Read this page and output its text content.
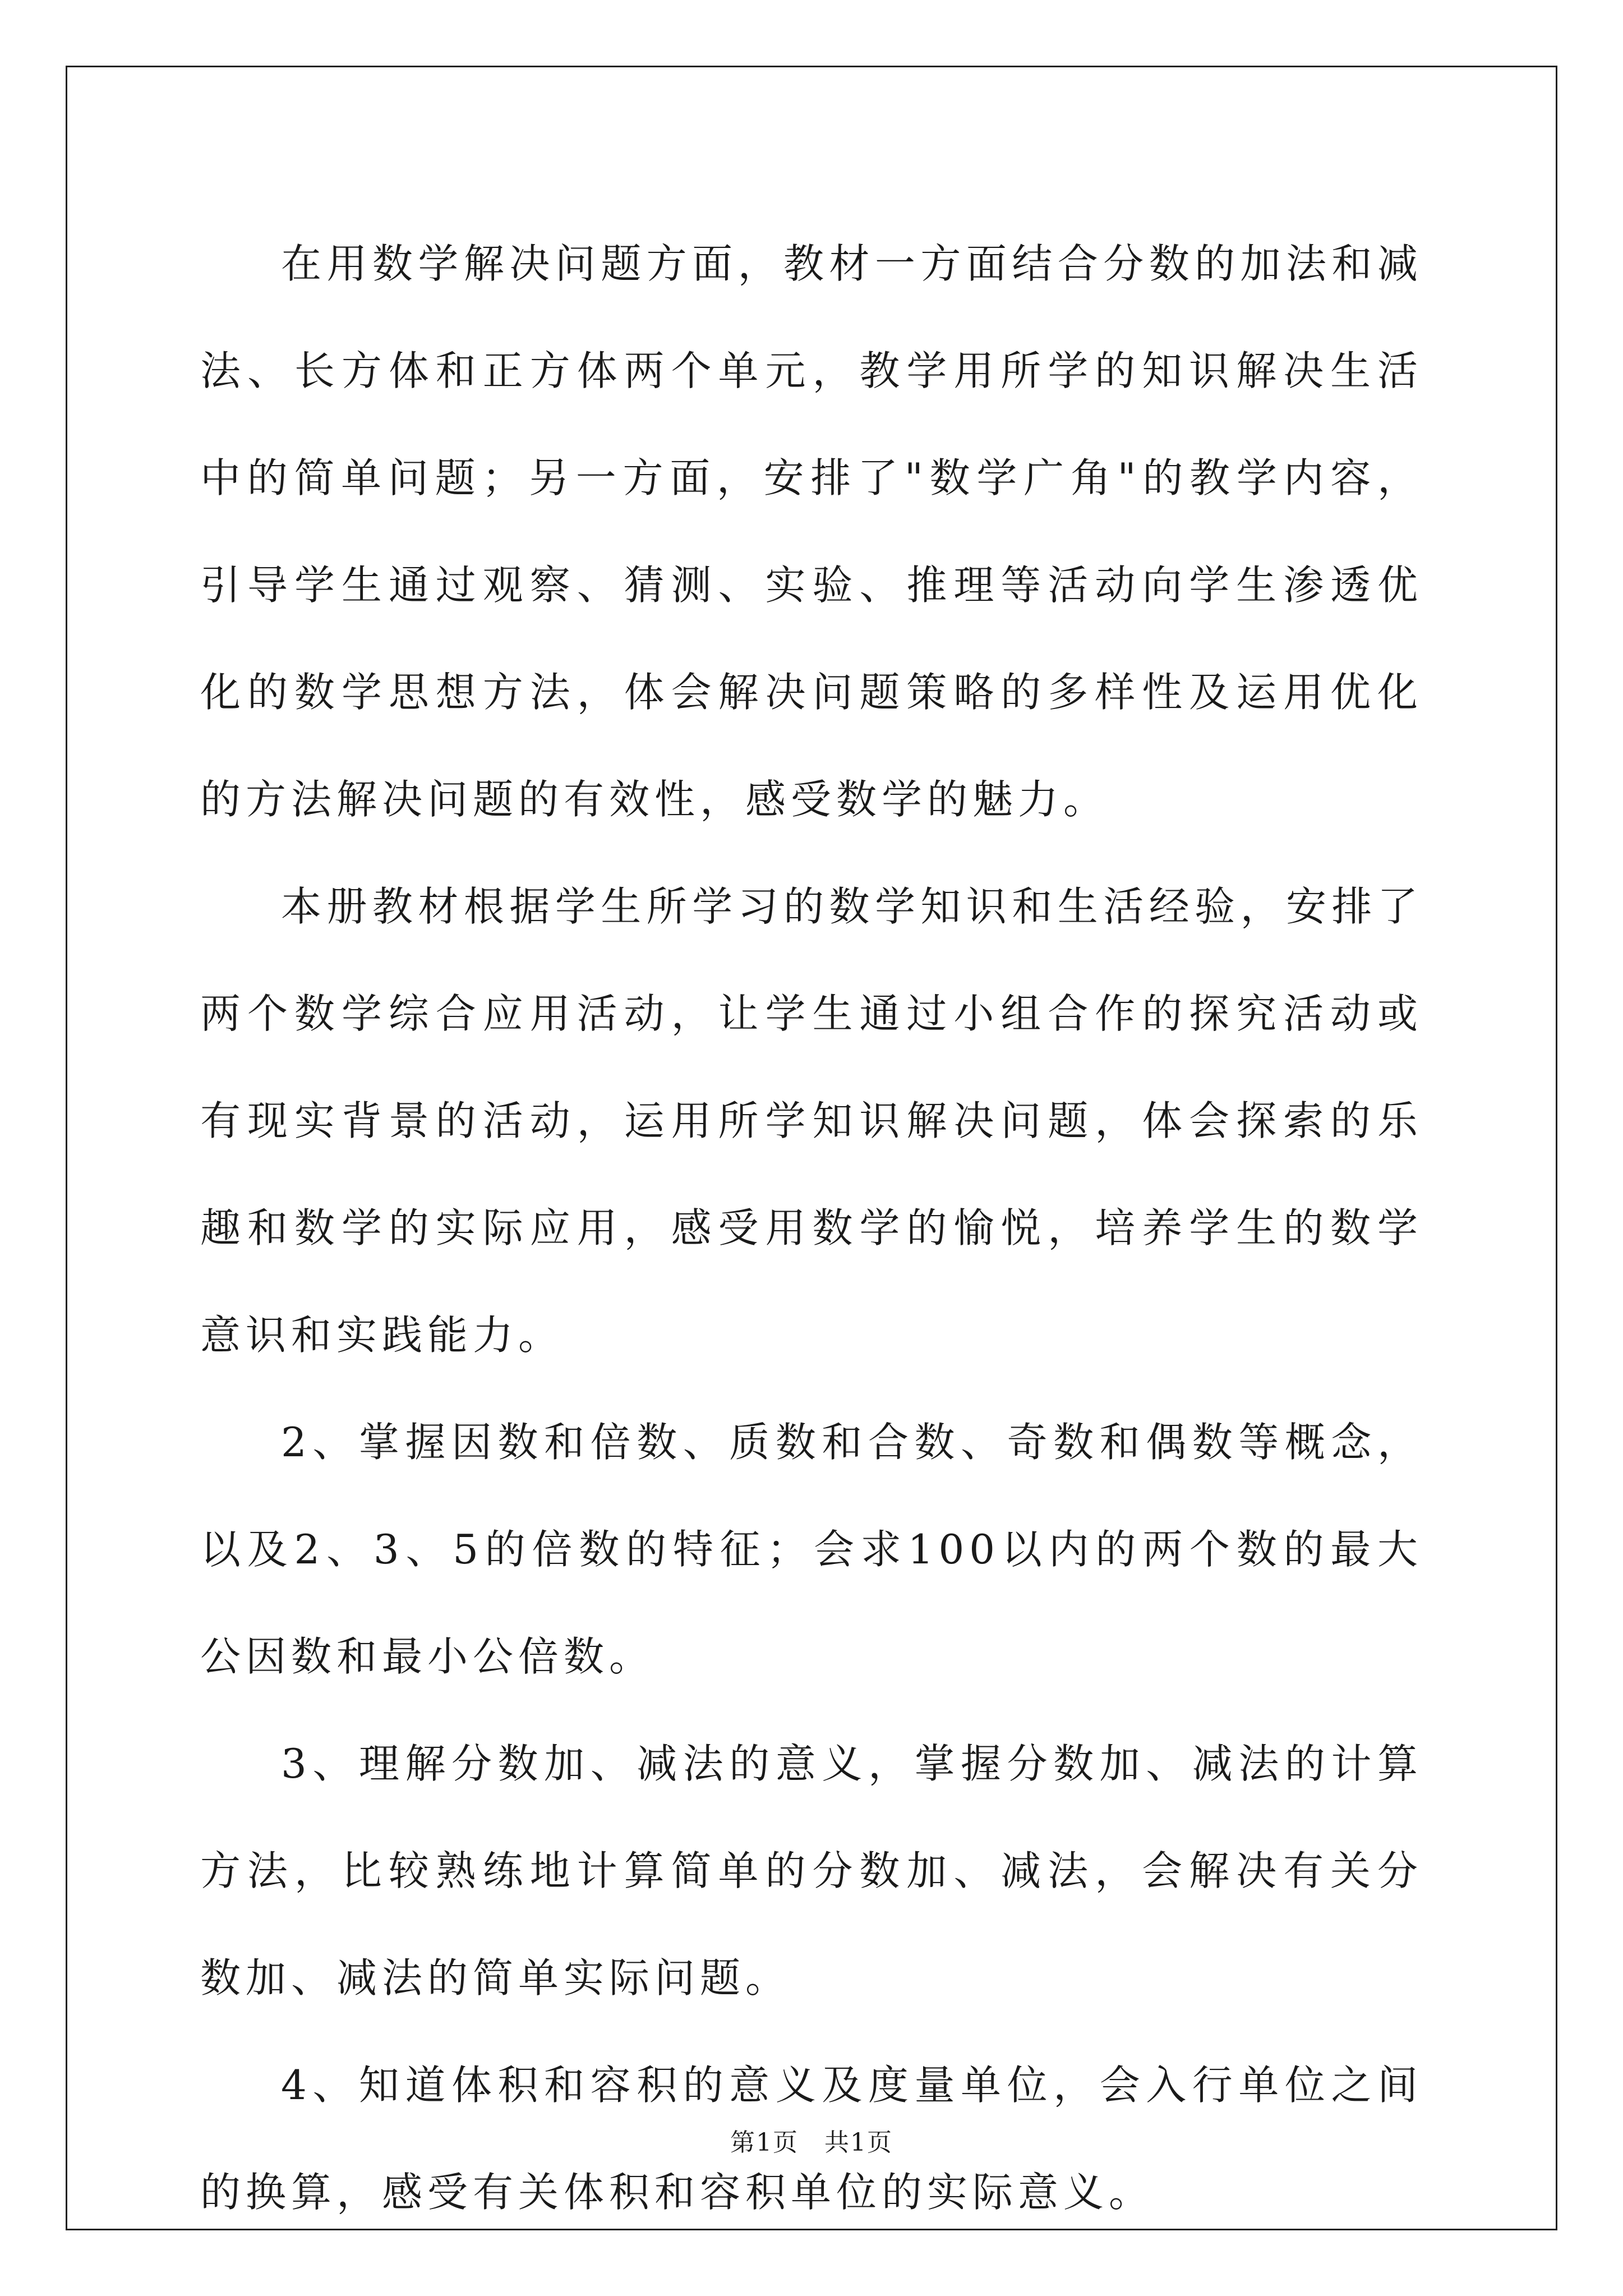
在用数学解决问题方面，教材一方面结合分数的加法和减法、长方体和正方体两个单元，教学用所学的知识解决生活中的简单问题；另一方面，安排了"数学广角"的教学内容，引导学生通过观察、猜测、实验、推理等活动向学生渗透优化的数学思想方法，体会解决问题策略的多样性及运用优化的方法解决问题的有效性，感受数学的魅力。

本册教材根据学生所学习的数学知识和生活经验，安排了两个数学综合应用活动，让学生通过小组合作的探究活动或有现实背景的活动，运用所学知识解决问题，体会探索的乐趣和数学的实际应用，感受用数学的愉悦，培养学生的数学意识和实践能力。

2、掌握因数和倍数、质数和合数、奇数和偶数等概念，以及2、3、5的倍数的特征；会求100以内的两个数的最大公因数和最小公倍数。

3、理解分数加、减法的意义，掌握分数加、减法的计算方法，比较熟练地计算简单的分数加、减法，会解决有关分数加、减法的简单实际问题。

4、知道体积和容积的意义及度量单位，会入行单位之间的换算，感受有关体积和容积单位的实际意义。

第1页　共1页
